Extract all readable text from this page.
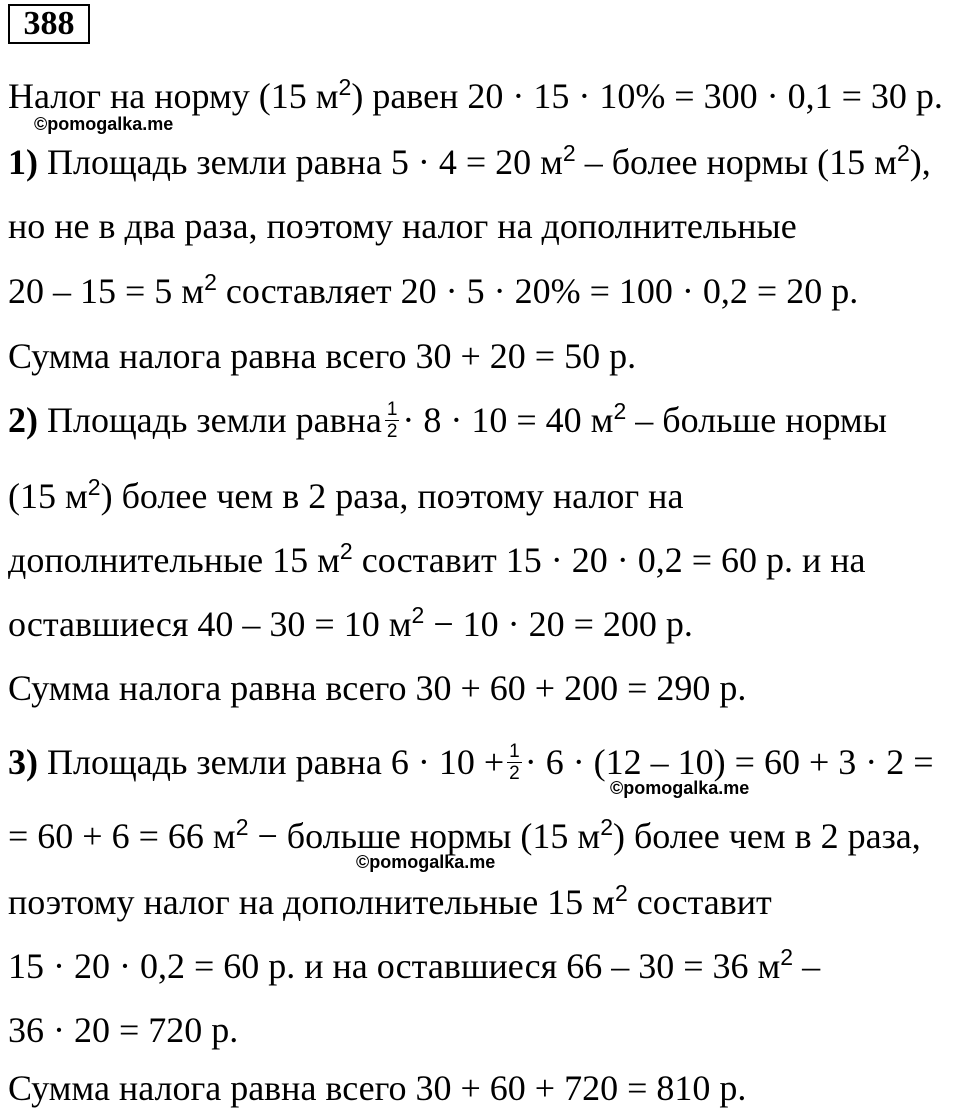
388
Налог на норму (15 $м^2$) равен 20 · 15 · 10% = 300 · 0,1 = 30 р.
©pomogalka.me
1) Площадь земли равна 5 · 4 = 20 $м^2$ – более нормы (15 $м^2$),
но не в два раза, поэтому налог на дополнительные
20 – 15 = 5 $м^2$ составляет 20 · 5 · 20% = 100 · 0,2 = 20 р.
Сумма налога равна всего 30 + 20 = 50 р.
2) Площадь земли равна $\frac{1}{2} \cdot 8 \cdot 10 = 40$ $м^2$ – больше нормы
(15 $м^2$) более чем в 2 раза, поэтому налог на
дополнительные 15 $м^2$ составит 15 · 20 · 0,2 = 60 р. и на
оставшиеся 40 – 30 = 10 $м^2 - 10 \cdot 20 = 200$ р.
Сумма налога равна всего 30 + 60 + 200 = 290 р.
3) Площадь земли равна $6 \cdot 10 + \frac{1}{2} \cdot 6 \cdot (12 - 10) = 60 + 3 \cdot 2$ =
©pomogalka.me
= 60 + 6 = 66 $м^2$ − больше нормы (15 $м^2$) более чем в 2 раза,
©pomogalka.me
поэтому налог на дополнительные 15 $м^2$ составит
15 · 20 · 0,2 = 60 р. и на оставшиеся 66 – 30 = 36 $м^2$ –
36 · 20 = 720 р.
Сумма налога равна всего 30 + 60 + 720 = 810 р.
